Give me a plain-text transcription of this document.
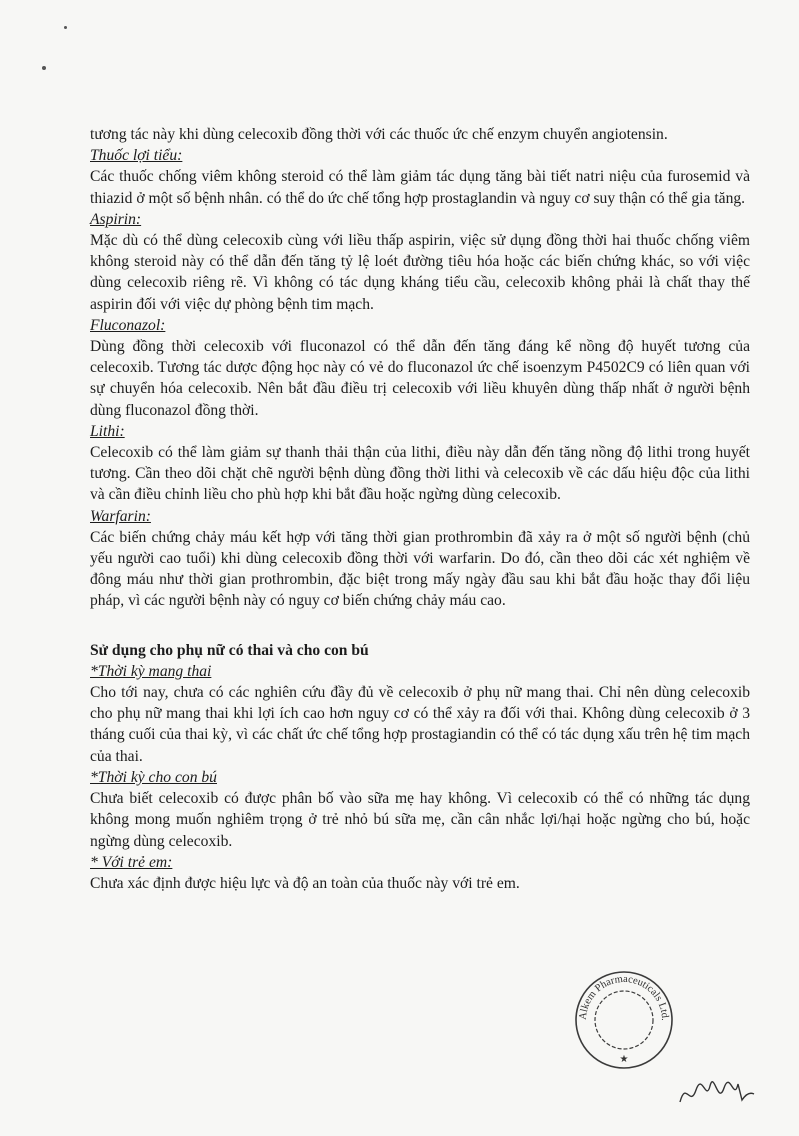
tương tác này khi dùng celecoxib đồng thời với các thuốc ức chế enzym chuyển angiotensin.

Thuốc lợi tiểu:

Các thuốc chống viêm không steroid có thể làm giảm tác dụng tăng bài tiết natri niệu của furosemid và thiazid ở một số bệnh nhân. có thể do ức chế tổng hợp prostaglandin và nguy cơ suy thận có thể gia tăng.

Aspirin:

Mặc dù có thể dùng celecoxib cùng với liều thấp aspirin, việc sử dụng đồng thời hai thuốc chống viêm không steroid này có thể dẫn đến tăng tỷ lệ loét đường tiêu hóa hoặc các biến chứng khác, so với việc dùng celecoxib riêng rẽ. Vì không có tác dụng kháng tiểu cầu, celecoxib không phải là chất thay thế aspirin đối với việc dự phòng bệnh tim mạch.

Fluconazol:

Dùng đồng thời celecoxib với fluconazol có thể dẫn đến tăng đáng kể nồng độ huyết tương của celecoxib. Tương tác dược động học này có vẻ do fluconazol ức chế isoenzym P4502C9 có liên quan với sự chuyển hóa celecoxib. Nên bắt đầu điều trị celecoxib với liều khuyên dùng thấp nhất ở người bệnh dùng fluconazol đồng thời.

Lithi:

Celecoxib có thể làm giảm sự thanh thải thận của lithi, điều này dẫn đến tăng nồng độ lithi trong huyết tương. Cần theo dõi chặt chẽ người bệnh dùng đồng thời lithi và celecoxib về các dấu hiệu độc của lithi và cần điều chỉnh liều cho phù hợp khi bắt đầu hoặc ngừng dùng celecoxib.

Warfarin:

Các biến chứng chảy máu kết hợp với tăng thời gian prothrombin đã xảy ra ở một số người bệnh (chủ yếu người cao tuổi) khi dùng celecoxib đồng thời với warfarin. Do đó, cần theo dõi các xét nghiệm về đông máu như thời gian prothrombin, đặc biệt trong mấy ngày đầu sau khi bắt đầu hoặc thay đổi liệu pháp, vì các người bệnh này có nguy cơ biến chứng chảy máu cao.

Sử dụng cho phụ nữ có thai và cho con bú

*Thời kỳ mang thai

Cho tới nay, chưa có các nghiên cứu đầy đủ về celecoxib ở phụ nữ mang thai. Chỉ nên dùng celecoxib cho phụ nữ mang thai khi lợi ích cao hơn nguy cơ có thể xảy ra đối với thai. Không dùng celecoxib ở 3 tháng cuối của thai kỳ, vì các chất ức chế tổng hợp prostagiandin có thể có tác dụng xấu trên hệ tim mạch của thai.

*Thời kỳ cho con bú

Chưa biết celecoxib có được phân bố vào sữa mẹ hay không. Vì celecoxib có thể có những tác dụng không mong muốn nghiêm trọng ở trẻ nhỏ bú sữa mẹ, cần cân nhắc lợi/hại hoặc ngừng cho bú, hoặc ngừng dùng celecoxib.

* Với trẻ em:

Chưa xác định được hiệu lực và độ an toàn của thuốc này với trẻ em.

Alkem Pharmaceuticals Ltd.
★
